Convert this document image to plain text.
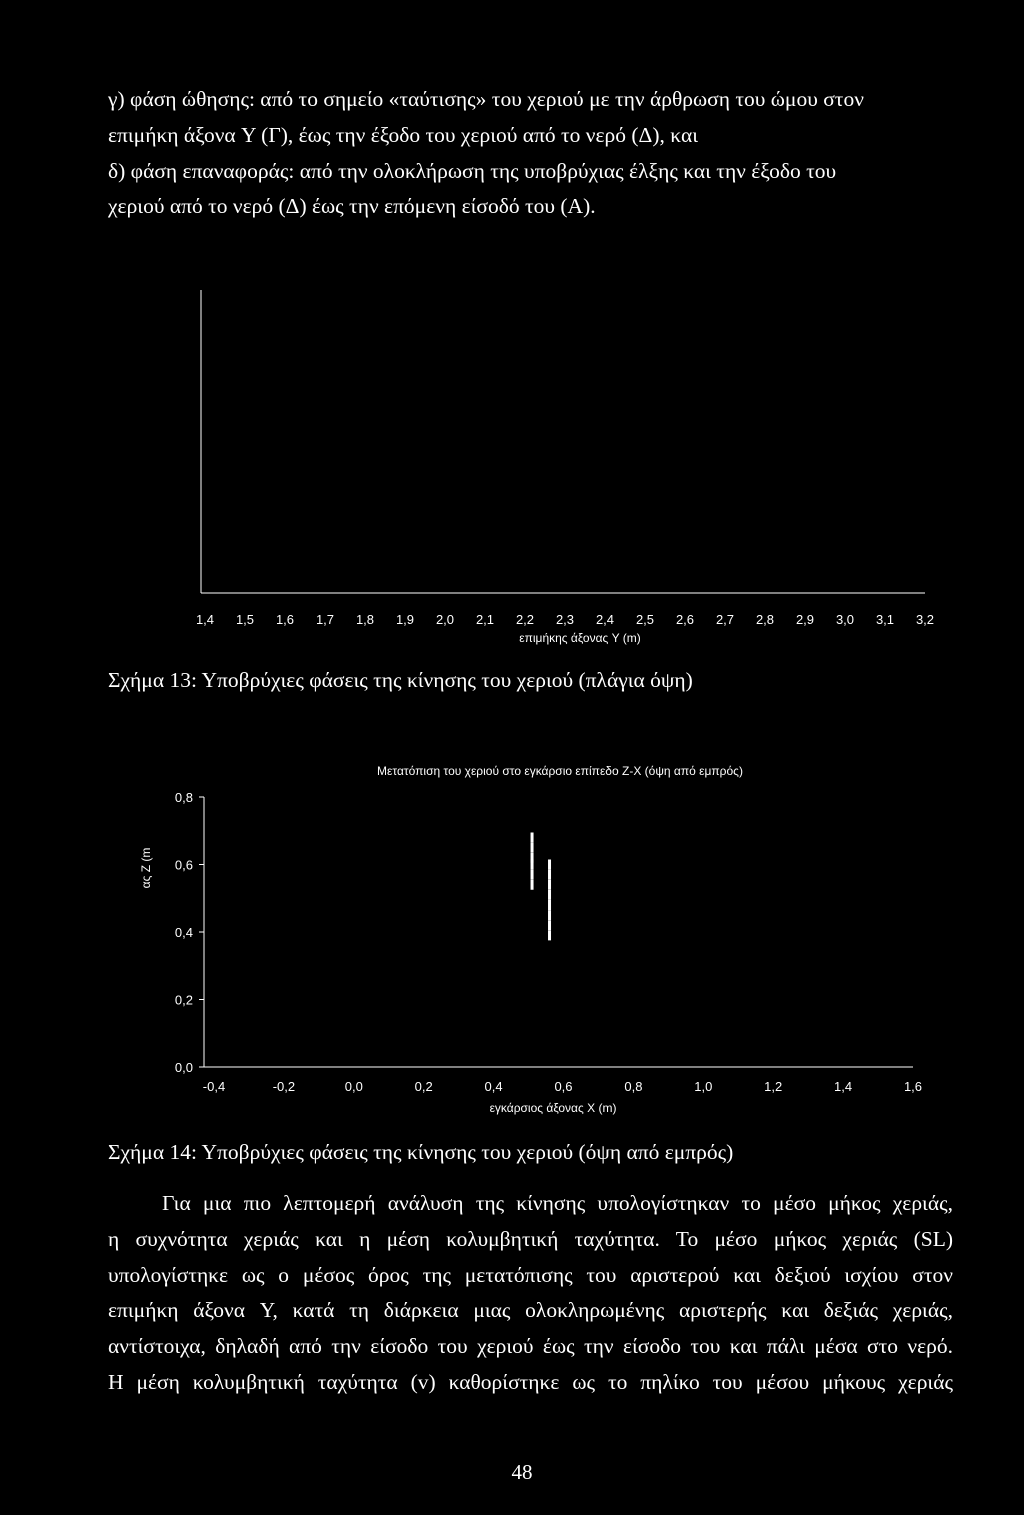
γ) φάση ώθησης: από το σημείο «ταύτισης» του χεριού με την άρθρωση του ώμου στον
επιμήκη άξονα Y (Γ), έως την έξοδο του χεριού από το νερό (Δ), και
δ) φάση επαναφοράς: από την ολοκλήρωση της υποβρύχιας έλξης και την έξοδο του
χεριού από το νερό (Δ) έως την επόμενη είσοδό του (Α).
1,4 1,5 1,6 1,7 1,8 1,9 2,0 2,1 2,2 2,3 2,4 2,5 2,6 2,7 2,8 2,9 3,0 3,1 3,2
επιμήκης άξονας Y (m)

Σχήμα 13: Υποβρύχιες φάσεις της κίνησης του χεριού (πλάγια όψη)

Μετατόπιση του χεριού στο εγκάρσιο επίπεδο Z-X (όψη από εμπρός)
0,0
0,2
0,4
0,6
0,8
-0,4	-0,2	0,0	0,2	0,4	0,6	0,8	1,0	1,2	1,4	1,6
ας Z (m
εγκάρσιος άξονας X (m)

Σχήμα 14: Υποβρύχιες φάσεις της κίνησης του χεριού (όψη από εμπρός)

Για μια πιο λεπτομερή ανάλυση της κίνησης υπολογίστηκαν το μέσο μήκος χεριάς,
η συχνότητα χεριάς και η μέση κολυμβητική ταχύτητα. Το μέσο μήκος χεριάς (SL)
υπολογίστηκε ως ο μέσος όρος της μετατόπισης του αριστερού και δεξιού ισχίου στον
επιμήκη άξονα Y, κατά τη διάρκεια μιας ολοκληρωμένης αριστερής και δεξιάς χεριάς,
αντίστοιχα, δηλαδή από την είσοδο του χεριού έως την είσοδο του και πάλι μέσα στο νερό.
Η μέση κολυμβητική ταχύτητα (v) καθορίστηκε ως το πηλίκο του μέσου μήκους χεριάς
48
